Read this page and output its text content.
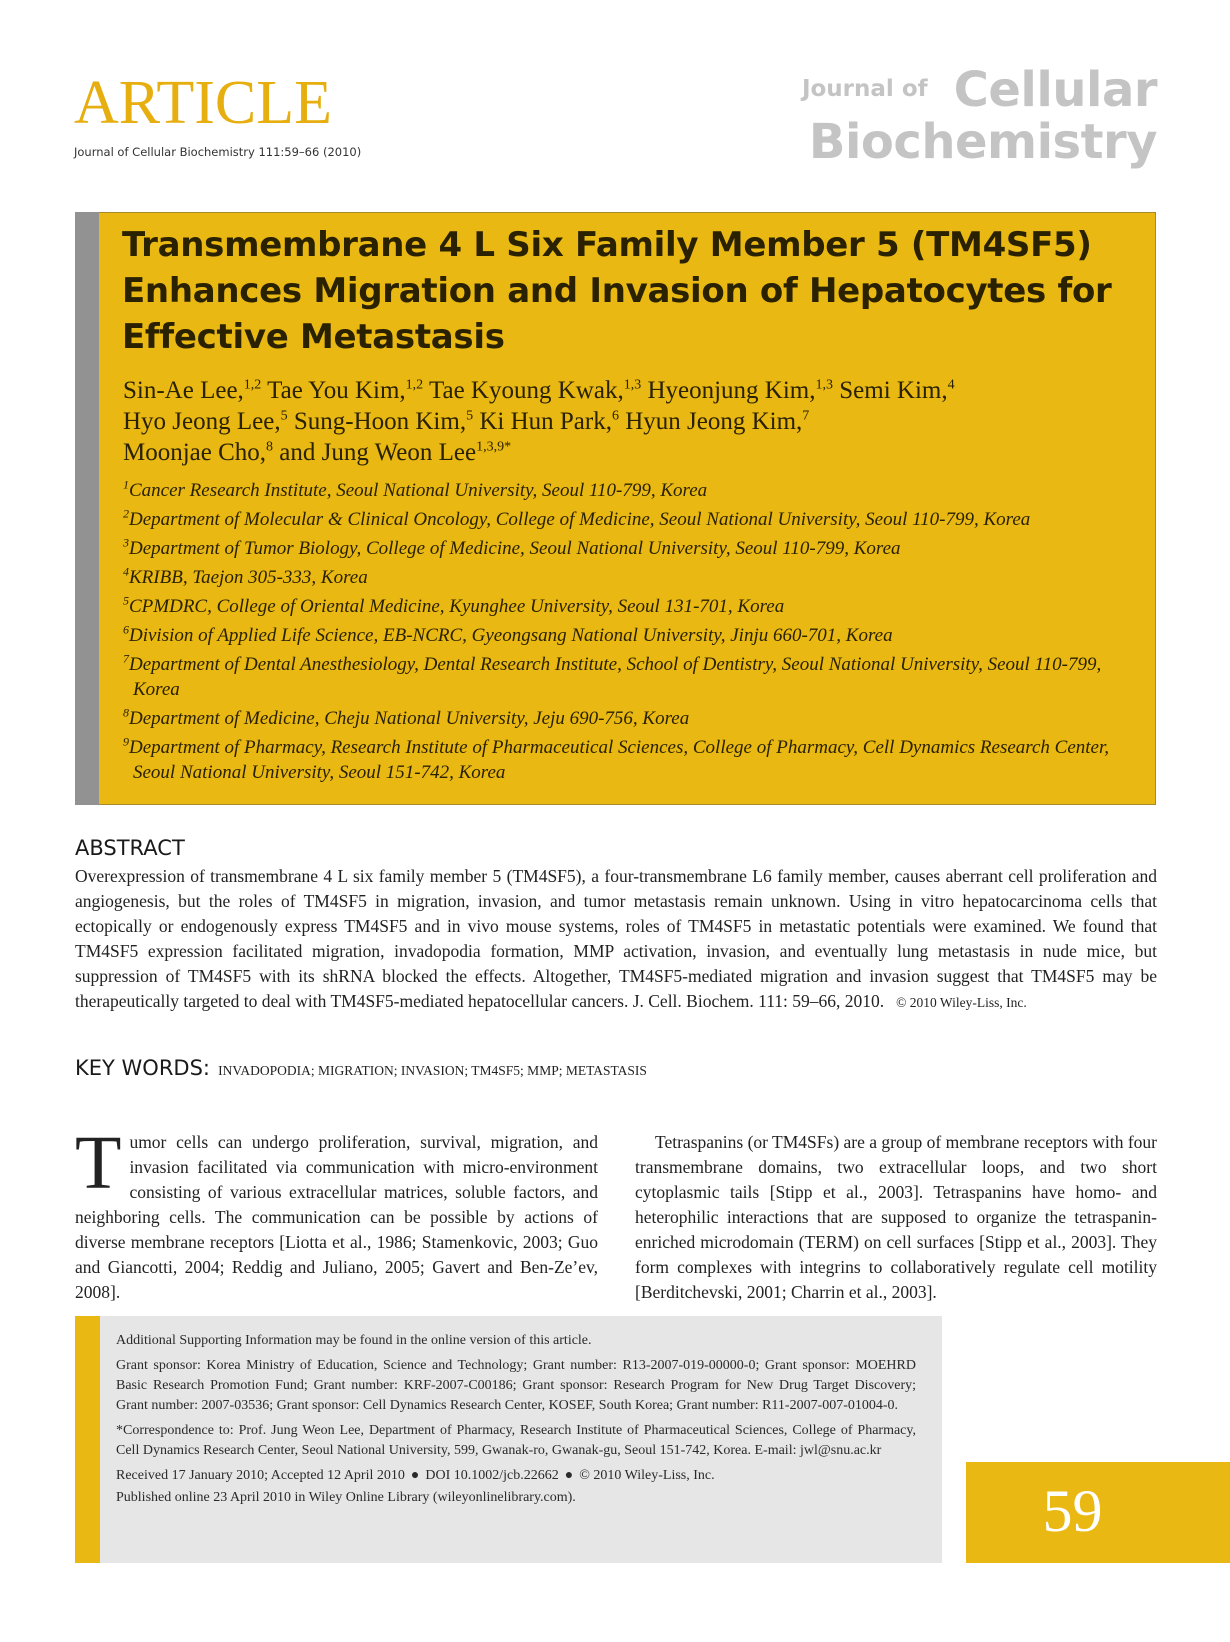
ARTICLE
Journal of Cellular Biochemistry 111:59–66 (2010)
Journal of Cellular
Biochemistry
Transmembrane 4 L Six Family Member 5 (TM4SF5)
Enhances Migration and Invasion of Hepatocytes for
Effective Metastasis
Sin-Ae Lee,$^{1,2}$ Tae You Kim,$^{1,2}$ Tae Kyoung Kwak,$^{1,3}$ Hyeonjung Kim,$^{1,3}$ Semi Kim,$^4$
Hyo Jeong Lee,$^5$ Sung-Hoon Kim,$^5$ Ki Hun Park,$^6$ Hyun Jeong Kim,$^7$
Moonjae Cho,$^8$ and Jung Weon Lee$^{1,3,9*}$
$^1$Cancer Research Institute, Seoul National University, Seoul 110-799, Korea
$^2$Department of Molecular & Clinical Oncology, College of Medicine, Seoul National University, Seoul 110-799, Korea
$^3$Department of Tumor Biology, College of Medicine, Seoul National University, Seoul 110-799, Korea
$^4$KRIBB, Taejon 305-333, Korea
$^5$CPMDRC, College of Oriental Medicine, Kyunghee University, Seoul 131-701, Korea
$^6$Division of Applied Life Science, EB-NCRC, Gyeongsang National University, Jinju 660-701, Korea
$^7$Department of Dental Anesthesiology, Dental Research Institute, School of Dentistry, Seoul National University, Seoul 110-799, Korea
$^8$Department of Medicine, Cheju National University, Jeju 690-756, Korea
$^9$Department of Pharmacy, Research Institute of Pharmaceutical Sciences, College of Pharmacy, Cell Dynamics Research Center, Seoul National University, Seoul 151-742, Korea
ABSTRACT
Overexpression of transmembrane 4 L six family member 5 (TM4SF5), a four-transmembrane L6 family member, causes aberrant cell proliferation and angiogenesis, but the roles of TM4SF5 in migration, invasion, and tumor metastasis remain unknown. Using in vitro hepatocarcinoma cells that ectopically or endogenously express TM4SF5 and in vivo mouse systems, roles of TM4SF5 in metastatic potentials were examined. We found that TM4SF5 expression facilitated migration, invadopodia formation, MMP activation, invasion, and eventually lung metastasis in nude mice, but suppression of TM4SF5 with its shRNA blocked the effects. Altogether, TM4SF5-mediated migration and invasion suggest that TM4SF5 may be therapeutically targeted to deal with TM4SF5-mediated hepatocellular cancers. J. Cell. Biochem. 111: 59–66, 2010. © 2010 Wiley-Liss, Inc.
KEY WORDS: INVADOPODIA; MIGRATION; INVASION; TM4SF5; MMP; METASTASIS
Tumor cells can undergo proliferation, survival, migration, and invasion facilitated via communication with micro-environment consisting of various extracellular matrices, soluble factors, and neighboring cells. The communication can be possible by actions of diverse membrane receptors [Liotta et al., 1986; Stamenkovic, 2003; Guo and Giancotti, 2004; Reddig and Juliano, 2005; Gavert and Ben-Ze’ev, 2008].
Tetraspanins (or TM4SFs) are a group of membrane receptors with four transmembrane domains, two extracellular loops, and two short cytoplasmic tails [Stipp et al., 2003]. Tetraspanins have homo- and heterophilic interactions that are supposed to organize the tetraspanin-enriched microdomain (TERM) on cell surfaces [Stipp et al., 2003]. They form complexes with integrins to collaboratively regulate cell motility [Berditchevski, 2001; Charrin et al., 2003].

Additional Supporting Information may be found in the online version of this article.

Grant sponsor: Korea Ministry of Education, Science and Technology; Grant number: R13-2007-019-00000-0; Grant sponsor: MOEHRD Basic Research Promotion Fund; Grant number: KRF-2007-C00186; Grant sponsor: Research Program for New Drug Target Discovery; Grant number: 2007-03536; Grant sponsor: Cell Dynamics Research Center, KOSEF, South Korea; Grant number: R11-2007-007-01004-0.

*Correspondence to: Prof. Jung Weon Lee, Department of Pharmacy, Research Institute of Pharmaceutical Sciences, College of Pharmacy, Cell Dynamics Research Center, Seoul National University, 599, Gwanak-ro, Gwanak-gu, Seoul 151-742, Korea. E-mail: jwl@snu.ac.kr

Received 17 January 2010; Accepted 12 April 2010 ● DOI 10.1002/jcb.22662 ● © 2010 Wiley-Liss, Inc.

Published online 23 April 2010 in Wiley Online Library (wileyonlinelibrary.com).	59
